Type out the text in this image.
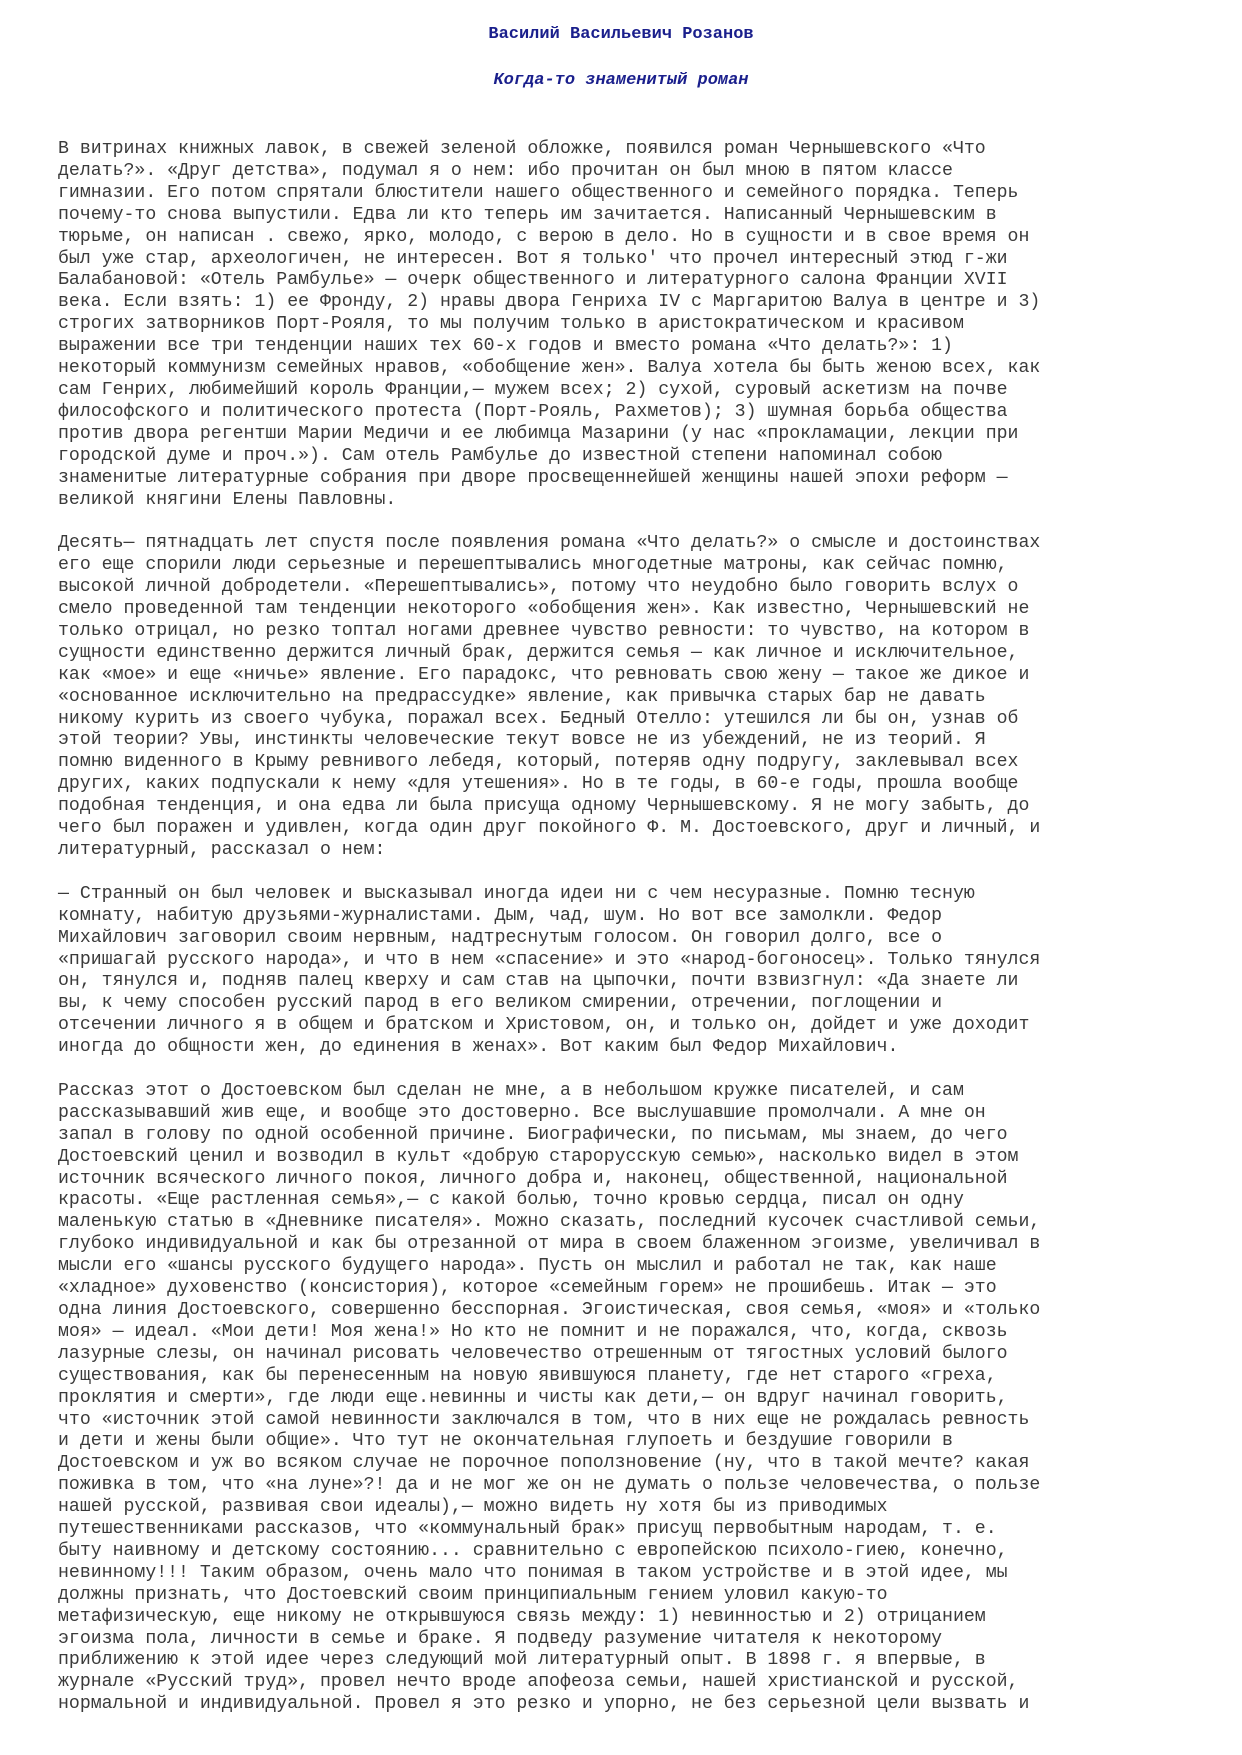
Василий Васильевич Розанов
Когда-то знаменитый роман
В витринах книжных лавок, в свежей зеленой обложке, появился роман Чернышевского «Что
делать?». «Друг детства», подумал я о нем: ибо прочитан он был мною в пятом классе
гимназии. Его потом спрятали блюстители нашего общественного и семейного порядка. Теперь
почему-то снова выпустили. Едва ли кто теперь им зачитается. Написанный Чернышевским в
тюрьме, он написан . свежо, ярко, молодо, с верою в дело. Но в сущности и в свое время он
был уже стар, археологичен, не интересен. Вот я только' что прочел интересный этюд г-жи
Балабановой: «Отель Рамбулье» — очерк общественного и литературного салона Франции XVII
века. Если взять: 1) ее Фронду, 2) нравы двора Генриха IV с Маргаритою Валуа в центре и 3)
строгих затворников Порт-Рояля, то мы получим только в аристократическом и красивом
выражении все три тенденции наших тех 60-х годов и вместо романа «Что делать?»: 1)
некоторый коммунизм семейных нравов, «обобщение жен». Валуа хотела бы быть женою всех, как
сам Генрих, любимейший король Франции,— мужем всех; 2) сухой, суровый аскетизм на почве
философского и политического протеста (Порт-Рояль, Рахметов); 3) шумная борьба общества
против двора регентши Марии Медичи и ее любимца Мазарини (у нас «прокламации, лекции при
городской думе и проч.»). Сам отель Рамбулье до известной степени напоминал собою
знаменитые литературные собрания при дворе просвещеннейшей женщины нашей эпохи реформ —
великой княгини Елены Павловны.
Десять— пятнадцать лет спустя после появления романа «Что делать?» о смысле и достоинствах
его еще спорили люди серьезные и перешептывались многодетные матроны, как сейчас помню,
высокой личной добродетели. «Перешептывались», потому что неудобно было говорить вслух о
смело проведенной там тенденции некоторого «обобщения жен». Как известно, Чернышевский не
только отрицал, но резко топтал ногами древнее чувство ревности: то чувство, на котором в
сущности единственно держится личный брак, держится семья — как личное и исключительное,
как «мое» и еще «ничье» явление. Его парадокс, что ревновать свою жену — такое же дикое и
«основанное исключительно на предрассудке» явление, как привычка старых бар не давать
никому курить из своего чубука, поражал всех. Бедный Отелло: утешился ли бы он, узнав об
этой теории? Увы, инстинкты человеческие текут вовсе не из убеждений, не из теорий. Я
помню виденного в Крыму ревнивого лебедя, который, потеряв одну подругу, заклевывал всех
других, каких подпускали к нему «для утешения». Но в те годы, в 60-е годы, прошла вообще
подобная тенденция, и она едва ли была присуща одному Чернышевскому. Я не могу забыть, до
чего был поражен и удивлен, когда один друг покойного Ф. М. Достоевского, друг и личный, и
литературный, рассказал о нем:
— Странный он был человек и высказывал иногда идеи ни с чем несуразные. Помню тесную
комнату, набитую друзьями-журналистами. Дым, чад, шум. Но вот все замолкли. Федор
Михайлович заговорил своим нервным, надтреснутым голосом. Он говорил долго, все о
«пришагай русского народа», и что в нем «спасение» и это «народ-богоносец». Только тянулся
он, тянулся и, подняв палец кверху и сам став на цыпочки, почти взвизгнул: «Да знаете ли
вы, к чему способен русский парод в его великом смирении, отречении, поглощении и
отсечении личного я в общем и братском и Христовом, он, и только он, дойдет и уже доходит
иногда до общности жен, до единения в женах». Вот каким был Федор Михайлович.
Рассказ этот о Достоевском был сделан не мне, а в небольшом кружке писателей, и сам
рассказывавший жив еще, и вообще это достоверно. Все выслушавшие промолчали. А мне он
запал в голову по одной особенной причине. Биографически, по письмам, мы знаем, до чего
Достоевский ценил и возводил в культ «добрую старорусскую семью», насколько видел в этом
источник всяческого личного покоя, личного добра и, наконец, общественной, национальной
красоты. «Еще растленная семья»,— с какой болью, точно кровью сердца, писал он одну
маленькую статью в «Дневнике писателя». Можно сказать, последний кусочек счастливой семьи,
глубоко индивидуальной и как бы отрезанной от мира в своем блаженном эгоизме, увеличивал в
мысли его «шансы русского будущего народа». Пусть он мыслил и работал не так, как наше
«хладное» духовенство (консистория), которое «семейным горем» не прошибешь. Итак — это
одна линия Достоевского, совершенно бесспорная. Эгоистическая, своя семья, «моя» и «только
моя» — идеал. «Мои дети! Моя жена!» Но кто не помнит и не поражался, что, когда, сквозь
лазурные слезы, он начинал рисовать человечество отрешенным от тягостных условий былого
существования, как бы перенесенным на новую явившуюся планету, где нет старого «греха,
проклятия и смерти», где люди еще.невинны и чисты как дети,— он вдруг начинал говорить,
что «источник этой самой невинности заключался в том, что в них еще не рождалась ревность
и дети и жены были общие». Что тут не окончательная глупоеть и бездушие говорили в
Достоевском и уж во всяком случае не порочное поползновение (ну, что в такой мечте? какая
поживка в том, что «на луне»?! да и не мог же он не думать о пользе человечества, о пользе
нашей русской, развивая свои идеалы),— можно видеть ну хотя бы из приводимых
путешественниками рассказов, что «коммунальный брак» присущ первобытным народам, т. е.
быту наивному и детскому состоянию... сравнительно с европейскою психоло-гиею, конечно,
невинному!!! Таким образом, очень мало что понимая в таком устройстве и в этой идее, мы
должны признать, что Достоевский своим принципиальным гением уловил какую-то
метафизическую, еще никому не открывшуюся связь между: 1) невинностью и 2) отрицанием
эгоизма пола, личности в семье и браке. Я подведу разумение читателя к некоторому
приближению к этой идее через следующий мой литературный опыт. В 1898 г. я впервые, в
журнале «Русский труд», провел нечто вроде апофеоза семьи, нашей христианской и русской,
нормальной и индивидуальной. Провел я это резко и упорно, не без серьезной цели вызвать и
